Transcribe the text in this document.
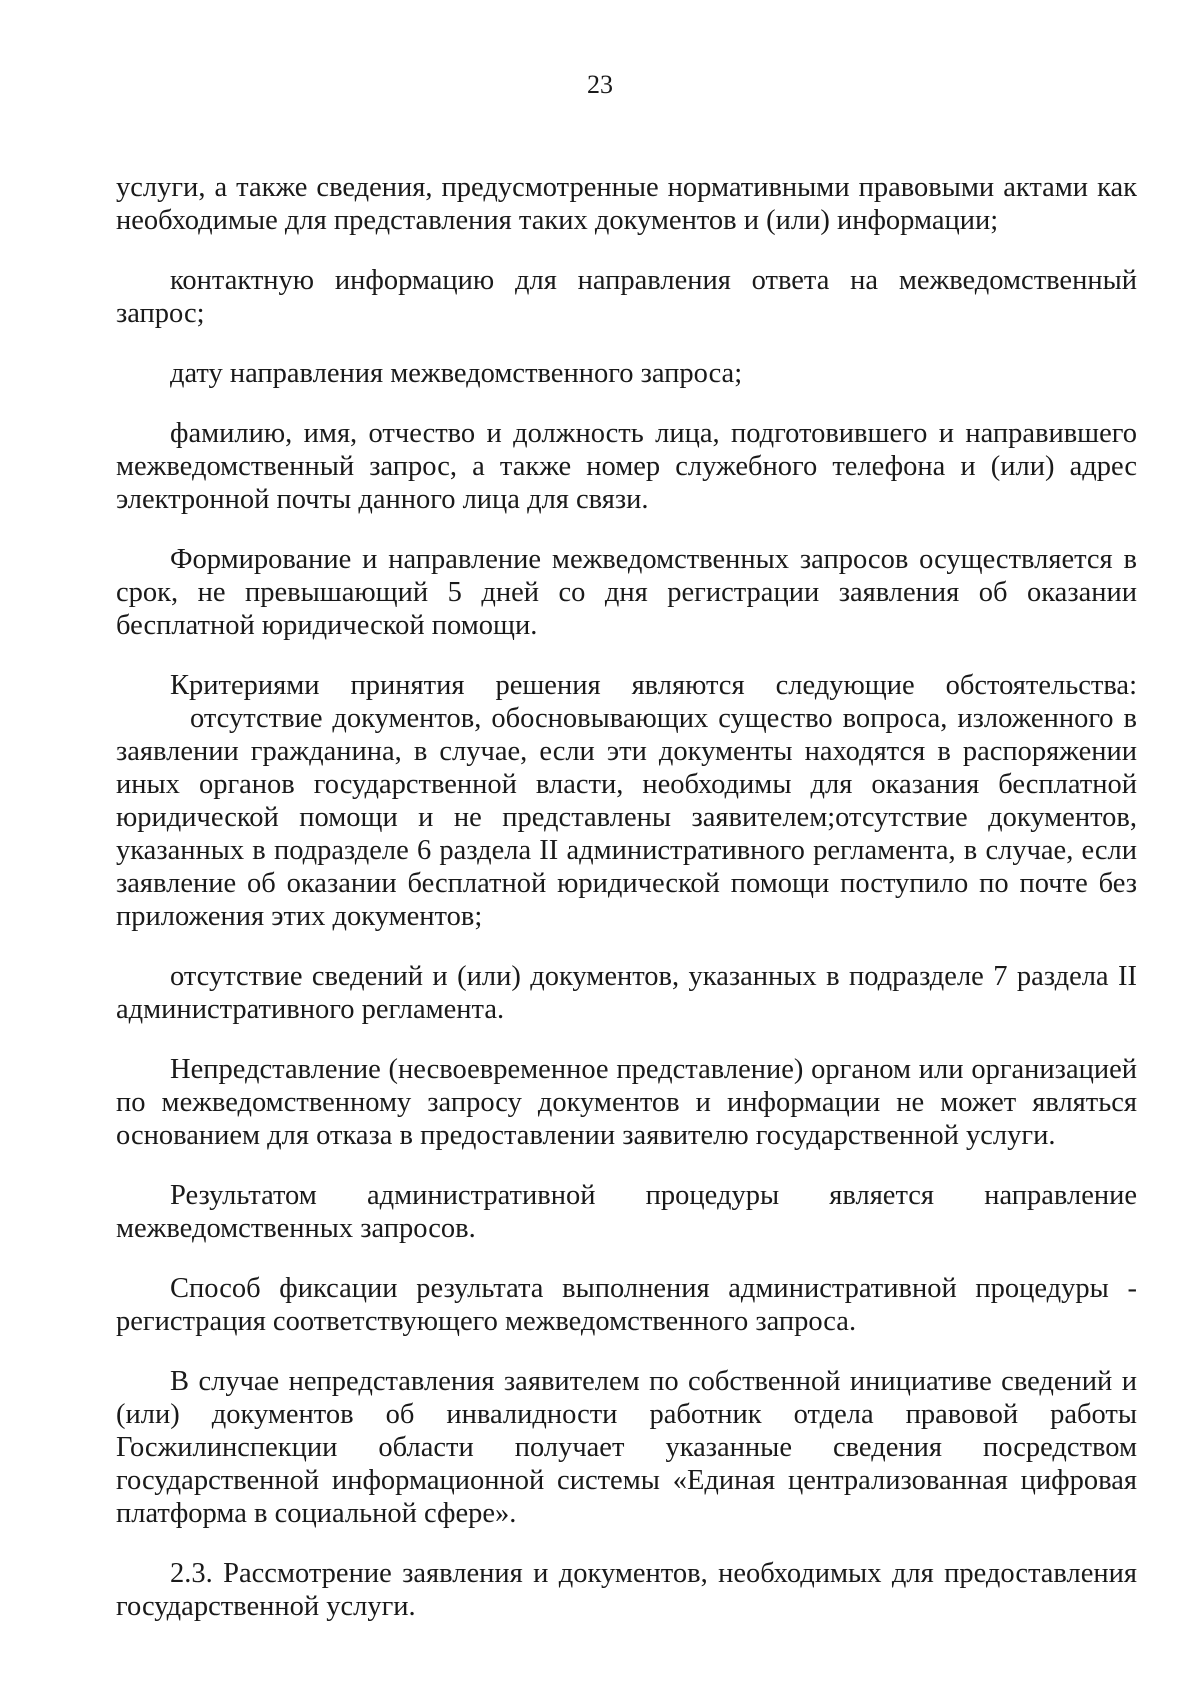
23

услуги, а также сведения, предусмотренные нормативными правовыми актами как необходимые для представления таких документов и (или) информации;

контактную информацию для направления ответа на межведомственный запрос;

дату направления межведомственного запроса;

фамилию, имя, отчество и должность лица, подготовившего и направившего межведомственный запрос, а также номер служебного телефона и (или) адрес электронной почты данного лица для связи.

Формирование и направление межведомственных запросов осуществляется в срок, не превышающий 5 дней со дня регистрации заявления об оказании бесплатной юридической помощи.

Критериями принятия решения являются следующие обстоятельства:

отсутствие документов, обосновывающих существо вопроса, изложенного в заявлении гражданина, в случае, если эти документы находятся в распоряжении иных органов государственной власти, необходимы для оказания бесплатной юридической помощи и не представлены заявителем;отсутствие документов, указанных в подразделе 6 раздела II административного регламента, в случае, если заявление об оказании бесплатной юридической помощи поступило по почте без приложения этих документов;

отсутствие сведений и (или) документов, указанных в подразделе 7 раздела II административного регламента.

Непредставление (несвоевременное представление) органом или организацией по межведомственному запросу документов и информации не может являться основанием для отказа в предоставлении заявителю государственной услуги.

Результатом административной процедуры является направление межведомственных запросов.

Способ фиксации результата выполнения административной процедуры - регистрация соответствующего межведомственного запроса.

В случае непредставления заявителем по собственной инициативе сведений и (или) документов об инвалидности работник отдела правовой работы Госжилинспекции области получает указанные сведения посредством государственной информационной системы «Единая централизованная цифровая платформа в социальной сфере».

2.3. Рассмотрение заявления и документов, необходимых для предоставления государственной услуги.
